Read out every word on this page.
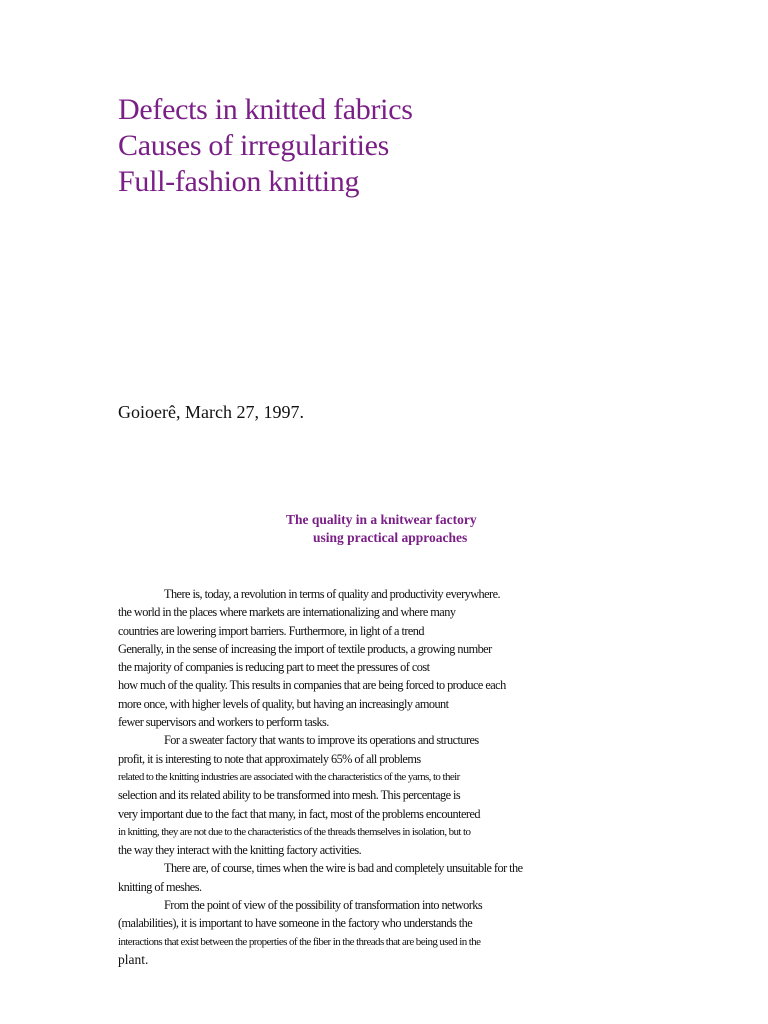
Defects in knitted fabrics
Causes of irregularities
Full-fashion knitting
Goioerê, March 27, 1997.
The quality in a knitwear factory
using practical approaches
There is, today, a revolution in terms of quality and productivity everywhere.
the world in the places where markets are internationalizing and where many
countries are lowering import barriers. Furthermore, in light of a trend
Generally, in the sense of increasing the import of textile products, a growing number
the majority of companies is reducing part to meet the pressures of cost
how much of the quality. This results in companies that are being forced to produce each
more once, with higher levels of quality, but having an increasingly amount
fewer supervisors and workers to perform tasks.
For a sweater factory that wants to improve its operations and structures
profit, it is interesting to note that approximately 65% of all problems
related to the knitting industries are associated with the characteristics of the yarns, to their
selection and its related ability to be transformed into mesh. This percentage is
very important due to the fact that many, in fact, most of the problems encountered
in knitting, they are not due to the characteristics of the threads themselves in isolation, but to
the way they interact with the knitting factory activities.
There are, of course, times when the wire is bad and completely unsuitable for the
knitting of meshes.
From the point of view of the possibility of transformation into networks
(malabilities), it is important to have someone in the factory who understands the
interactions that exist between the properties of the fiber in the threads that are being used in the
plant.
